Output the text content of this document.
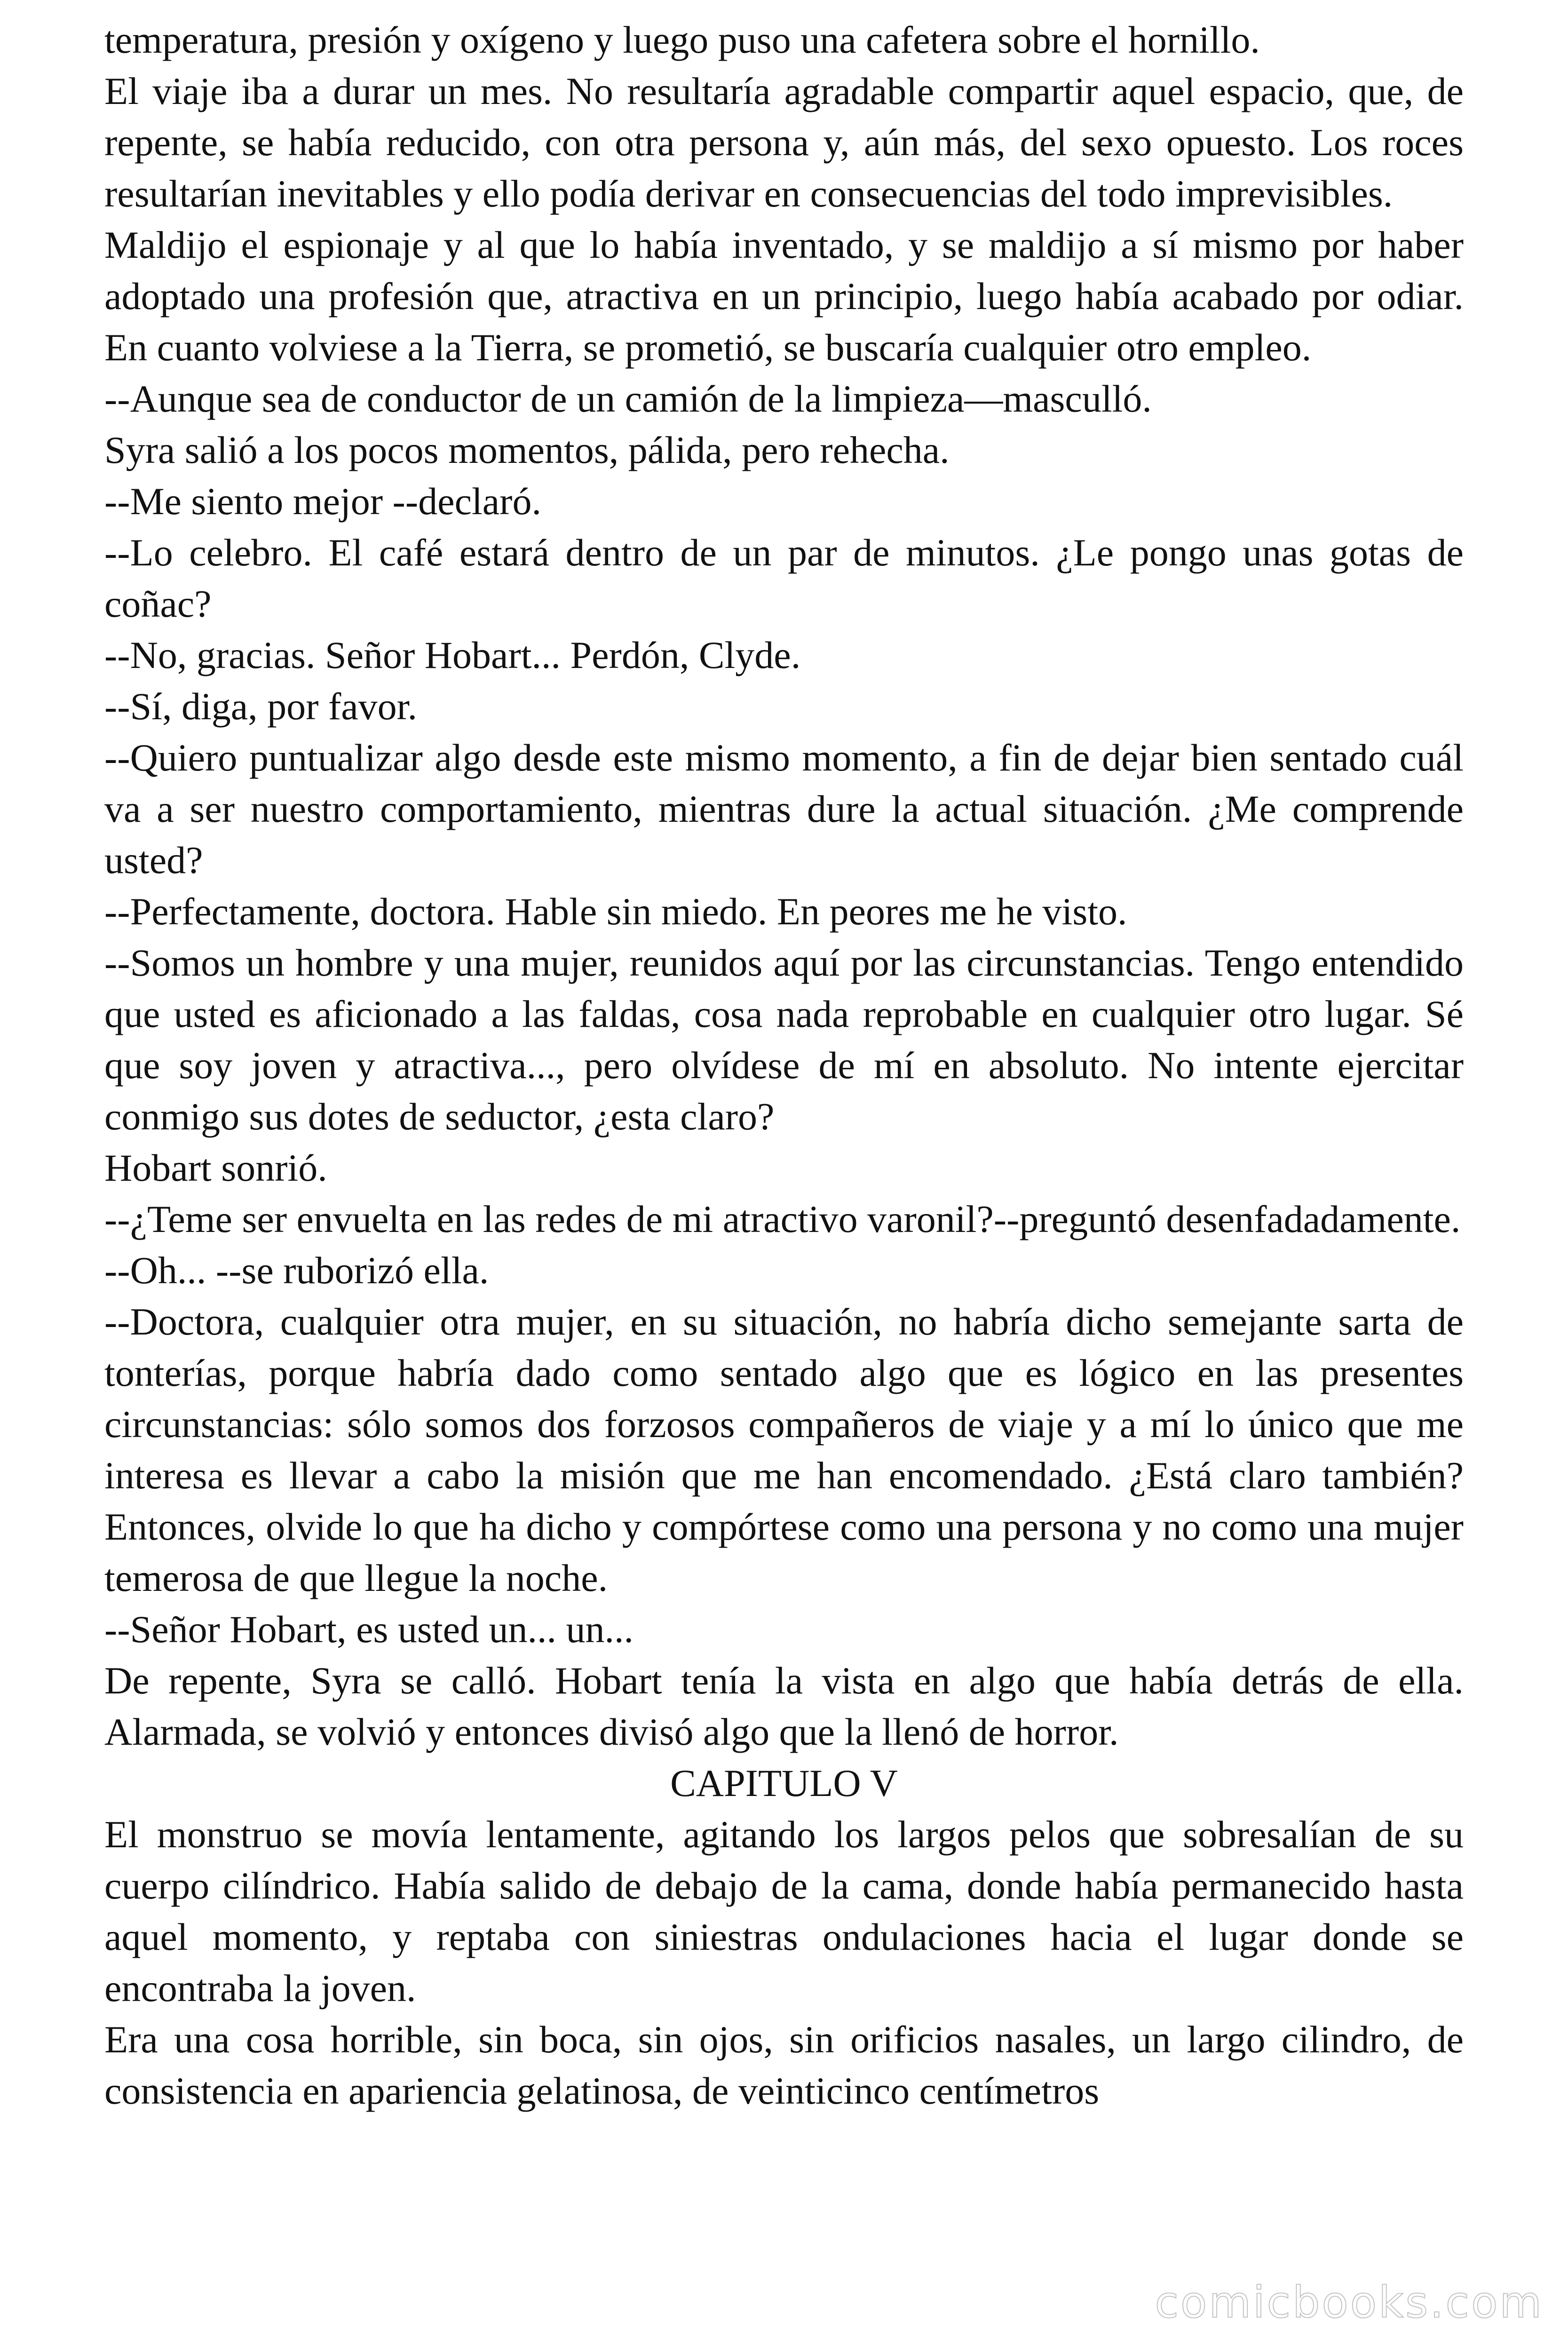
temperatura, presión y oxígeno y luego puso una cafetera sobre el hornillo.

El viaje iba a durar un mes. No resultaría agradable compartir aquel espacio, que, de repente, se había reducido, con otra persona y, aún más, del sexo opuesto. Los roces resultarían inevitables y ello podía derivar en consecuencias del todo imprevisibles.

Maldijo el espionaje y al que lo había inventado, y se maldijo a sí mismo por haber adoptado una profesión que, atractiva en un principio, luego había acabado por odiar. En cuanto volviese a la Tierra, se prometió, se buscaría cualquier otro empleo.

--Aunque sea de conductor de un camión de la limpieza—masculló.

Syra salió a los pocos momentos, pálida, pero rehecha.

--Me siento mejor --declaró.

--Lo celebro. El café estará dentro de un par de minutos. ¿Le pongo unas gotas de coñac?

--No, gracias. Señor Hobart... Perdón, Clyde.

--Sí, diga, por favor.

--Quiero puntualizar algo desde este mismo momento, a fin de dejar bien sentado cuál va a ser nuestro comportamiento, mientras dure la actual situación. ¿Me comprende usted?

--Perfectamente, doctora. Hable sin miedo. En peores me he visto.

--Somos un hombre y una mujer, reunidos aquí por las circunstancias. Tengo entendido que usted es aficionado a las faldas, cosa nada reprobable en cualquier otro lugar. Sé que soy joven y atractiva..., pero olvídese de mí en absoluto. No intente ejercitar conmigo sus dotes de seductor, ¿esta claro?

Hobart sonrió.

--¿Teme ser envuelta en las redes de mi atractivo varonil?--preguntó desenfadadamente.

--Oh... --se ruborizó ella.

--Doctora, cualquier otra mujer, en su situación, no habría dicho semejante sarta de tonterías, porque habría dado como sentado algo que es lógico en las presentes circunstancias: sólo somos dos forzosos compañeros de viaje y a mí lo único que me interesa es llevar a cabo la misión que me han encomendado. ¿Está claro también? Entonces, olvide lo que ha dicho y compórtese como una persona y no como una mujer temerosa de que llegue la noche.

--Señor Hobart, es usted un... un...

De repente, Syra se calló. Hobart tenía la vista en algo que había detrás de ella. Alarmada, se volvió y entonces divisó algo que la llenó de horror.

CAPITULO V

El monstruo se movía lentamente, agitando los largos pelos que sobresalían de su cuerpo cilíndrico. Había salido de debajo de la cama, donde había permanecido hasta aquel momento, y reptaba con siniestras ondulaciones hacia el lugar donde se encontraba la joven.

Era una cosa horrible, sin boca, sin ojos, sin orificios nasales, un largo cilindro, de consistencia en apariencia gelatinosa, de veinticinco centímetros

comicbooks.com
